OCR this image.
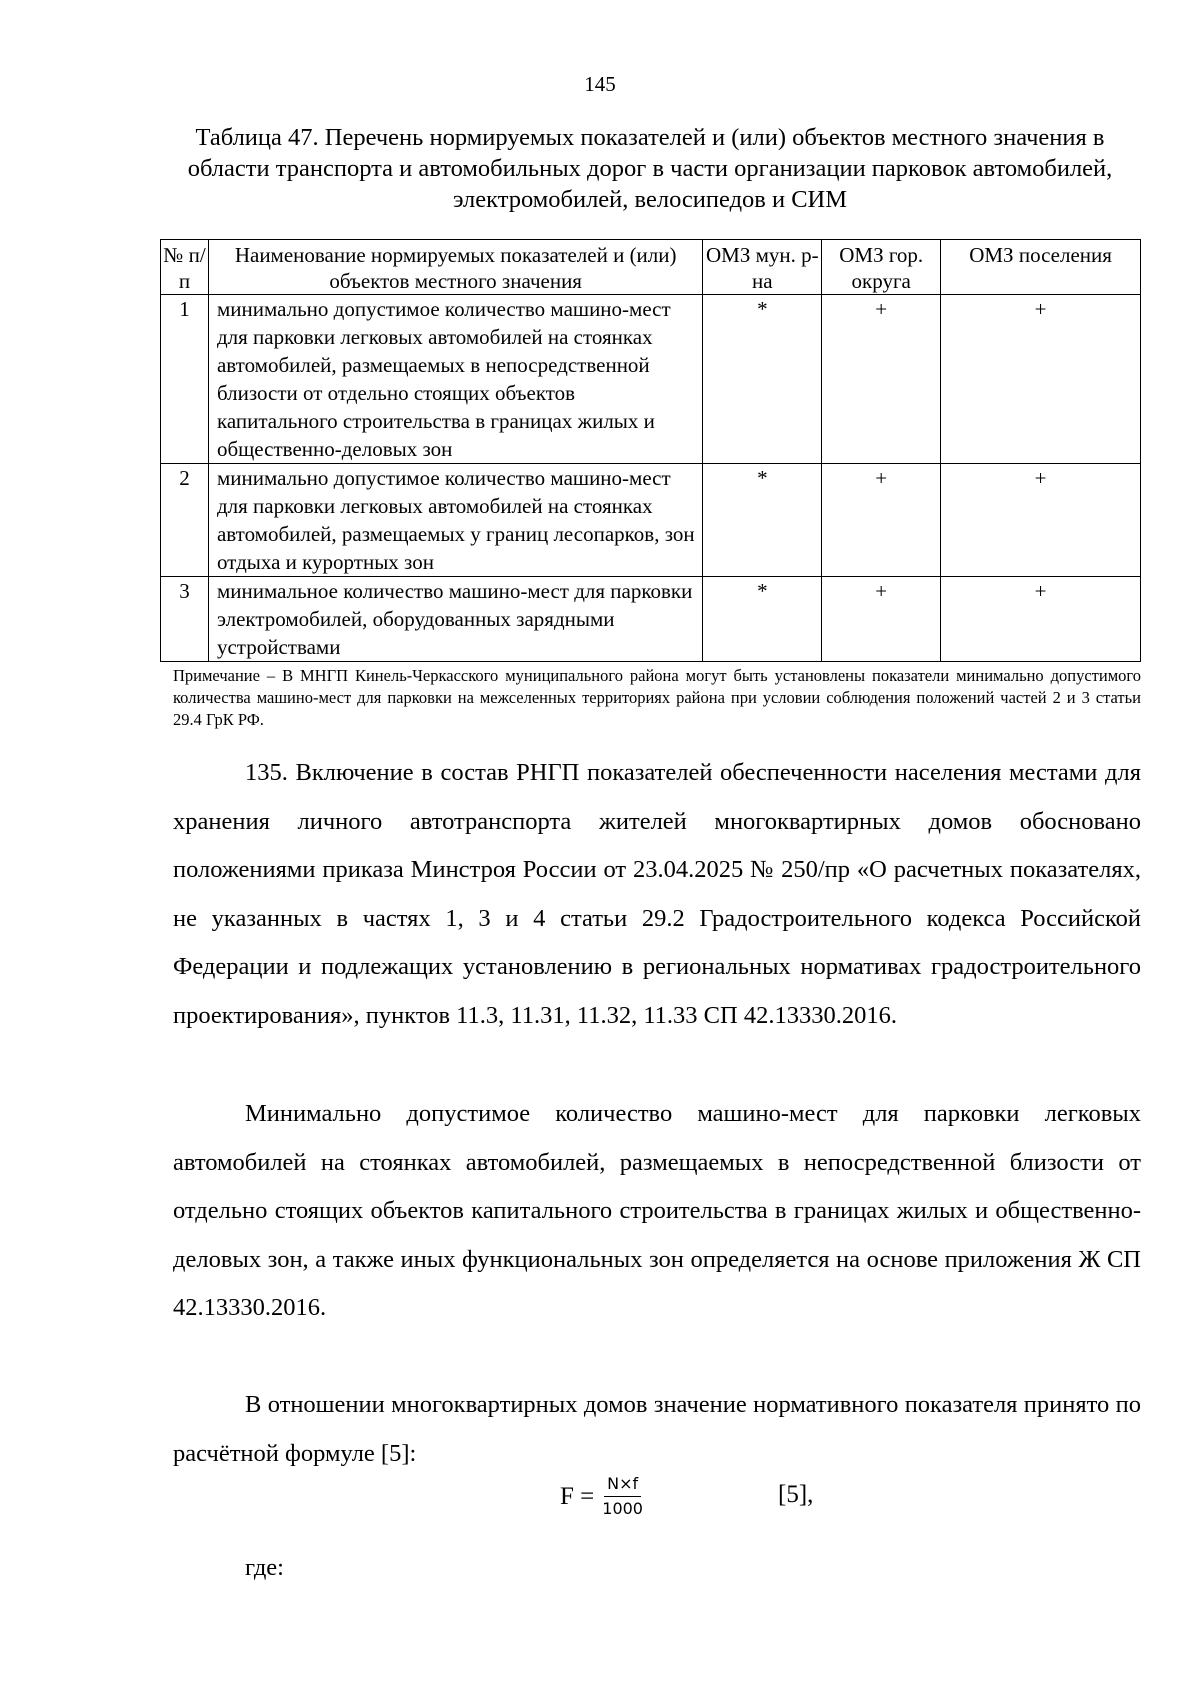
145
Таблица 47. Перечень нормируемых показателей и (или) объектов местного значения в области транспорта и автомобильных дорог в части организации парковок автомобилей, электромобилей, велосипедов и СИМ
№ п/п	Наименование нормируемых показателей и (или) объектов местного значения	ОМЗ мун. р-на	ОМЗ гор. округа	ОМЗ поселения
1	минимально допустимое количество машино-мест для парковки легковых автомобилей на стоянках автомобилей, размещаемых в непосредственной близости от отдельно стоящих объектов капитального строительства в границах жилых и общественно-деловых зон	*	+	+
2	минимально допустимое количество машино-мест для парковки легковых автомобилей на стоянках автомобилей, размещаемых у границ лесопарков, зон отдыха и курортных зон	*	+	+
3	минимальное количество машино-мест для парковки электромобилей, оборудованных зарядными устройствами	*	+	+
Примечание – В МНГП Кинель-Черкасского муниципального района могут быть установлены показатели минимально допустимого количества машино-мест для парковки на межселенных территориях района при условии соблюдения положений частей 2 и 3 статьи 29.4 ГрК РФ.

135. Включение в состав РНГП показателей обеспеченности населения местами для хранения личного автотранспорта жителей многоквартирных домов обосновано положениями приказа Минстроя России от 23.04.2025 № 250/пр «О расчетных показателях, не указанных в частях 1, 3 и 4 статьи 29.2 Градостроительного кодекса Российской Федерации и подлежащих установлению в региональных нормативах градостроительного проектирования», пунктов 11.3, 11.31, 11.32, 11.33 СП 42.13330.2016.

Минимально допустимое количество машино-мест для парковки легковых автомобилей на стоянках автомобилей, размещаемых в непосредственной близости от отдельно стоящих объектов капитального строительства в границах жилых и общественно-деловых зон, а также иных функциональных зон определяется на основе приложения Ж СП 42.13330.2016.

В отношении многоквартирных домов значение нормативного показателя принято по расчётной формуле [5]:

$F = \frac{N\times f}{1000}$	[5],
где:
